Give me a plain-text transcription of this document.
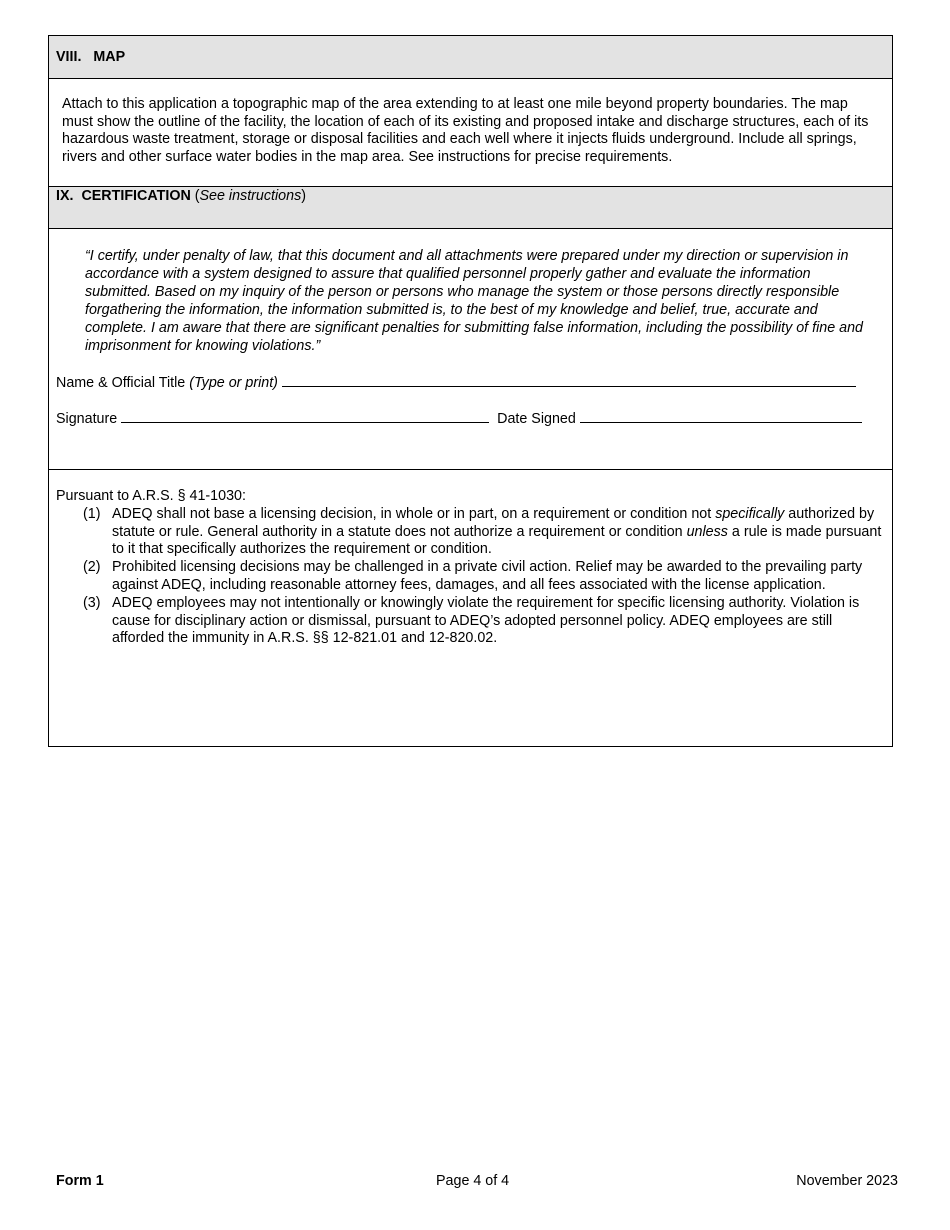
VIII. MAP
Attach to this application a topographic map of the area extending to at least one mile beyond property boundaries. The map must show the outline of the facility, the location of each of its existing and proposed intake and discharge structures, each of its hazardous waste treatment, storage or disposal facilities and each well where it injects fluids underground. Include all springs, rivers and other surface water bodies in the map area. See instructions for precise requirements.
IX. CERTIFICATION (See instructions)
“I certify, under penalty of law, that this document and all attachments were prepared under my direction or supervision in accordance with a system designed to assure that qualified personnel properly gather and evaluate the information submitted. Based on my inquiry of the person or persons who manage the system or those persons directly responsible forgathering the information, the information submitted is, to the best of my knowledge and belief, true, accurate and complete. I am aware that there are significant penalties for submitting false information, including the possibility of fine and imprisonment for knowing violations.”
Name & Official Title (Type or print)
Signature	Date Signed
Pursuant to A.R.S. § 41-1030:
(1) ADEQ shall not base a licensing decision, in whole or in part, on a requirement or condition not specifically authorized by statute or rule. General authority in a statute does not authorize a requirement or condition unless a rule is made pursuant to it that specifically authorizes the requirement or condition.
(2) Prohibited licensing decisions may be challenged in a private civil action. Relief may be awarded to the prevailing party against ADEQ, including reasonable attorney fees, damages, and all fees associated with the license application.
(3) ADEQ employees may not intentionally or knowingly violate the requirement for specific licensing authority. Violation is cause for disciplinary action or dismissal, pursuant to ADEQ’s adopted personnel policy. ADEQ employees are still afforded the immunity in A.R.S. §§ 12-821.01 and 12-820.02.
Form 1	Page 4 of 4	November 2023
